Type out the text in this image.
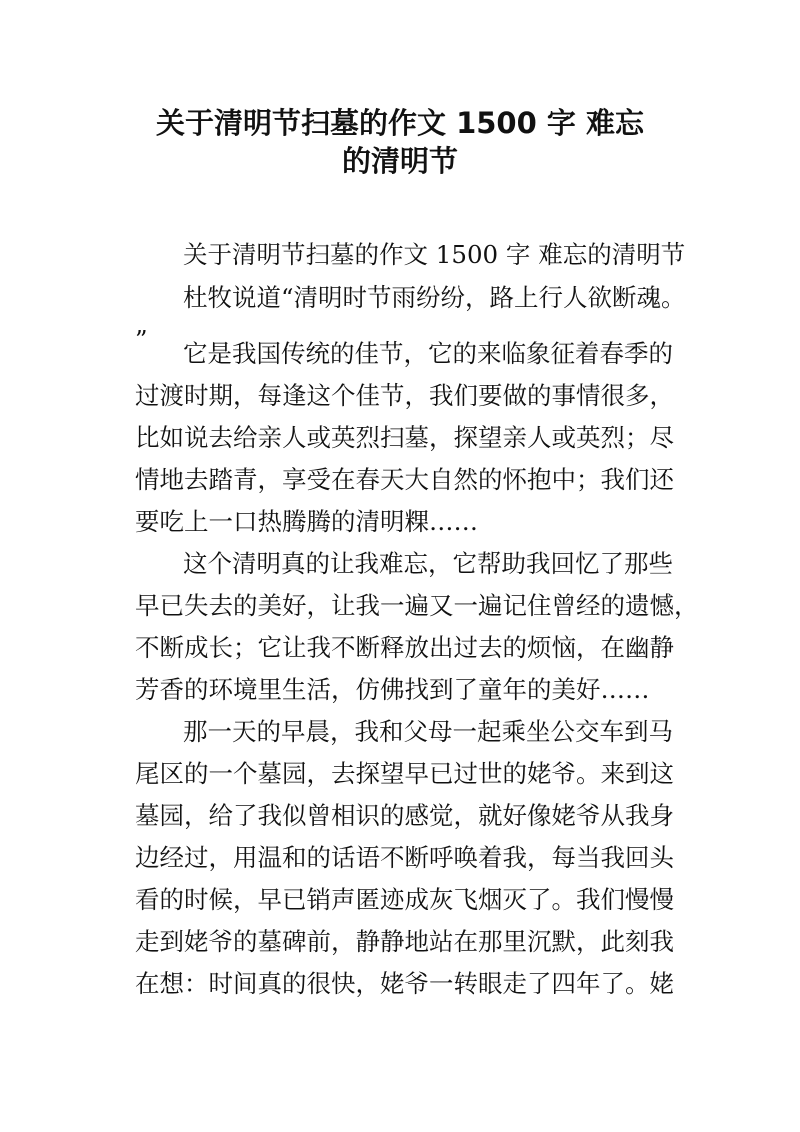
关于清明节扫墓的作文 1500 字 难忘
的清明节
关于清明节扫墓的作文 1500 字 难忘的清明节
杜牧说道“清明时节雨纷纷，路上行人欲断魂。
” 它是我国传统的佳节，它的来临象征着春季的
过渡时期，每逢这个佳节，我们要做的事情很多，
比如说去给亲人或英烈扫墓，探望亲人或英烈；尽
情地去踏青，享受在春天大自然的怀抱中；我们还
要吃上一口热腾腾的清明粿……
这个清明真的让我难忘，它帮助我回忆了那些
早已失去的美好，让我一遍又一遍记住曾经的遗憾，
不断成长；它让我不断释放出过去的烦恼，在幽静
芳香的环境里生活，仿佛找到了童年的美好……
那一天的早晨，我和父母一起乘坐公交车到马
尾区的一个墓园，去探望早已过世的姥爷。来到这
墓园，给了我似曾相识的感觉，就好像姥爷从我身
边经过，用温和的话语不断呼唤着我，每当我回头
看的时候，早已销声匿迹成灰飞烟灭了。我们慢慢
走到姥爷的墓碑前，静静地站在那里沉默，此刻我
在想：时间真的很快，姥爷一转眼走了四年了。姥
